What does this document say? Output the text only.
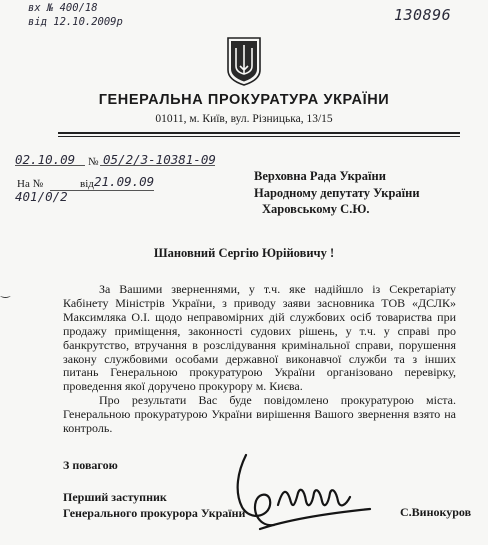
вх № 400/18
від 12.10.2009р	130896
ГЕНЕРАЛЬНА ПРОКУРАТУРА УКРАЇНИ
01011, м. Київ, вул. Різницька, 13/15
02.10.09 № 05/2/3-10381-09
На №	від 21.09.09
401/0/2
Верховна Рада України
Народному депутату України
Харовському С.Ю.
Шановний Сергію Юрійовичу !

За Вашими зверненнями, у т.ч. яке надійшло із Секретаріату Кабінету Міністрів України, з приводу заяви засновника ТОВ «ДСЛК» Максимляка О.І. щодо неправомірних дій службових осіб товариства при продажу приміщення, законності судових рішень, у т.ч. у справі про банкрутство, втручання в розслідування кримінальної справи, порушення закону службовими особами державної виконавчої служби та з інших питань Генеральною прокуратурою України організовано перевірку, проведення якої доручено прокурору м. Києва.

Про результати Вас буде повідомлено прокуратурою міста. Генеральною прокуратурою України вирішення Вашого звернення взято на контроль.

‿
З повагою
Перший заступник
Генерального прокурора України	С.Винокуров
